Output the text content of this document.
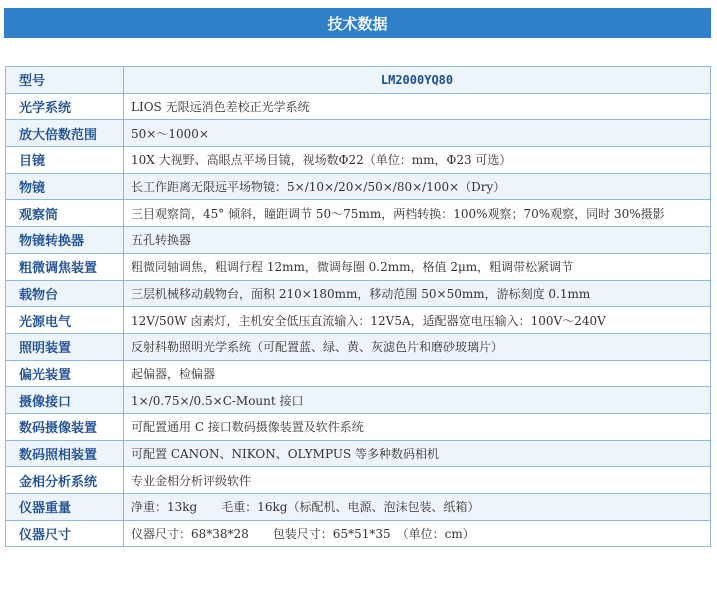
技术数据
型号	LM2000YQ80
光学系统	LIOS 无限远消色差校正光学系统
放大倍数范围	50×～1000×
目镜	10X 大视野、高眼点平场目镜，视场数Φ22（单位：mm，Φ23 可选）
物镜	长工作距离无限远平场物镜：5×/10×/20×/50×/80×/100×（Dry）
观察筒	三目观察筒，45° 倾斜，瞳距调节 50～75mm，两档转换：100%观察；70%观察，同时 30%摄影
物镜转换器	五孔转换器
粗微调焦装置	粗微同轴调焦，粗调行程 12mm，微调每圈 0.2mm，格值 2μm，粗调带松紧调节
载物台	三层机械移动载物台，面积 210×180mm，移动范围 50×50mm，游标刻度 0.1mm
光源电气	12V/50W 卤素灯，主机安全低压直流输入：12V5A，适配器宽电压输入：100V～240V
照明装置	反射科勒照明光学系统（可配置蓝、绿、黄、灰滤色片和磨砂玻璃片）
偏光装置	起偏器，检偏器
摄像接口	1×/0.75×/0.5×C-Mount 接口
数码摄像装置	可配置通用 C 接口数码摄像装置及软件系统
数码照相装置	可配置 CANON、NIKON、OLYMPUS 等多种数码相机
金相分析系统	专业金相分析评级软件
仪器重量	净重：13kg　　毛重：16kg（标配机、电源、泡沫包装、纸箱）
仪器尺寸	仪器尺寸：68*38*28　　包装尺寸：65*51*35　（单位：cm）
